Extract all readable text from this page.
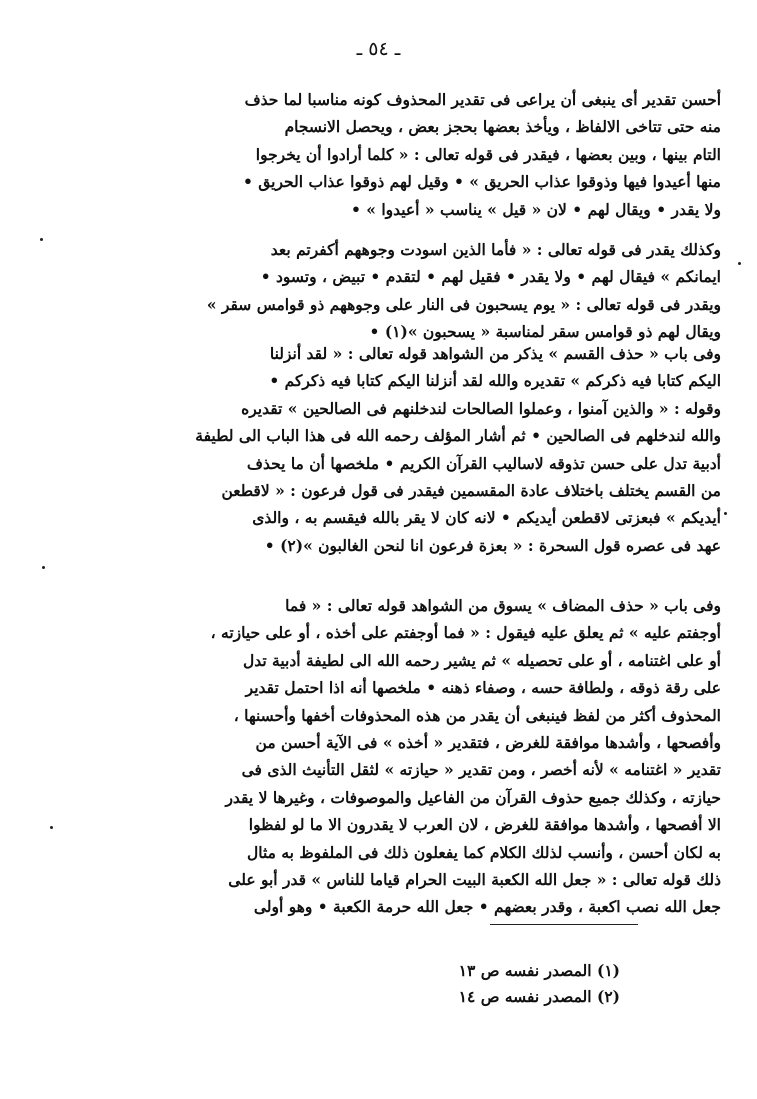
ـ ٥٤ ـ

أحسن تقدير أى ينبغى أن يراعى فى تقدير المحذوف كونه مناسبا لما حذف

منه حتى تتاخى الالفاظ ، ويأخذ بعضها بحجز بعض ، ويحصل الانسجام

التام بينها ، وبين بعضها ، فيقدر فى قوله تعالى : « كلما أرادوا أن يخرجوا

منها أعيدوا فيها وذوقوا عذاب الحريق » • وقيل لهم ذوقوا عذاب الحريق •

ولا يقدر • ويقال لهم • لان « قيل » يناسب « أعيدوا » •

وكذلك يقدر فى قوله تعالى : « فأما الذين اسودت وجوههم أكفرتم بعد

ايمانكم » فيقال لهم • ولا يقدر • فقيل لهم • لتقدم • تبيض ، وتسود •

ويقدر فى قوله تعالى : « يوم يسحبون فى النار على وجوههم ذو قوامس سقر »

ويقال لهم ذو قوامس سقر لمناسبة « يسحبون »(١) •

وفى باب « حذف القسم » يذكر من الشواهد قوله تعالى : « لقد أنزلنا

اليكم كتابا فيه ذكركم » تقديره والله لقد أنزلنا اليكم كتابا فيه ذكركم •

وقوله : « والذين آمنوا ، وعملوا الصالحات لندخلنهم فى الصالحين » تقديره

والله لندخلهم فى الصالحين • ثم أشار المؤلف رحمه الله فى هذا الباب الى لطيفة

أدبية تدل على حسن تذوقه لاساليب القرآن الكريم • ملخصها أن ما يحذف

من القسم يختلف باختلاف عادة المقسمين فيقدر فى قول فرعون : « لاقطعن

أيديكم » فبعزتى لاقطعن أيديكم • لانه كان لا يقر بالله فيقسم به ، والذى

عهد فى عصره قول السحرة : « بعزة فرعون انا لنحن الغالبون »(٢) •

وفى باب « حذف المضاف » يسوق من الشواهد قوله تعالى : « فما

أوجفتم عليه » ثم يعلق عليه فيقول : « فما أوجفتم على أخذه ، أو على حيازته ،

أو على اغتنامه ، أو على تحصيله » ثم يشير رحمه الله الى لطيفة أدبية تدل

على رقة ذوقه ، ولطافة حسه ، وصفاء ذهنه • ملخصها أنه اذا احتمل تقدير

المحذوف أكثر من لفظ فينبغى أن يقدر من هذه المحذوفات أخفها وأحسنها ،

وأفصحها ، وأشدها موافقة للغرض ، فتقدير « أخذه » فى الآية أحسن من

تقدير « اغتنامه » لأنه أخصر ، ومن تقدير « حيازته » لثقل التأنيث الذى فى

حيازته ، وكذلك جميع حذوف القرآن من الفاعيل والموصوفات ، وغيرها لا يقدر

الا أفصحها ، وأشدها موافقة للغرض ، لان العرب لا يقدرون الا ما لو لفظوا

به لكان أحسن ، وأنسب لذلك الكلام كما يفعلون ذلك فى الملفوظ به مثال

ذلك قوله تعالى : « جعل الله الكعبة البيت الحرام قياما للناس » قدر أبو على

جعل الله نصب اكعبة ، وقدر بعضهم • جعل الله حرمة الكعبة • وهو أولى

(١) المصدر نفسه ص ١٣
(٢) المصدر نفسه ص ١٤
